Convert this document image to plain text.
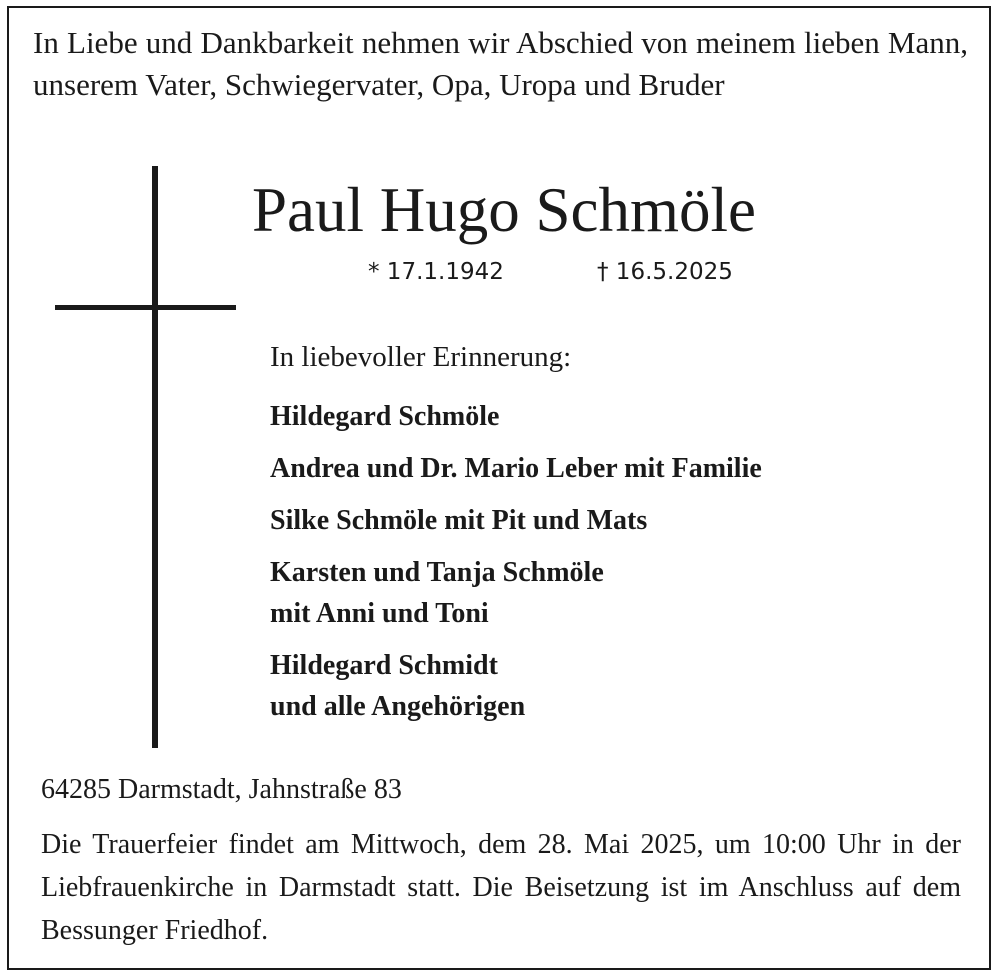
In Liebe und Dankbarkeit nehmen wir Abschied von meinem lieben Mann, unserem Vater, Schwiegervater, Opa, Uropa und Bruder

Paul Hugo Schmöle
* 17.1.1942	† 16.5.2025
In liebevoller Erinnerung:
Hildegard Schmöle
Andrea und Dr. Mario Leber mit Familie
Silke Schmöle mit Pit und Mats
Karsten und Tanja Schmöle
mit Anni und Toni
Hildegard Schmidt
und alle Angehörigen
64285 Darmstadt, Jahnstraße 83

Die Trauerfeier findet am Mittwoch, dem 28. Mai 2025, um 10:00 Uhr in der Liebfrauenkirche in Darmstadt statt. Die Beisetzung ist im Anschluss auf dem Bessunger Friedhof.
